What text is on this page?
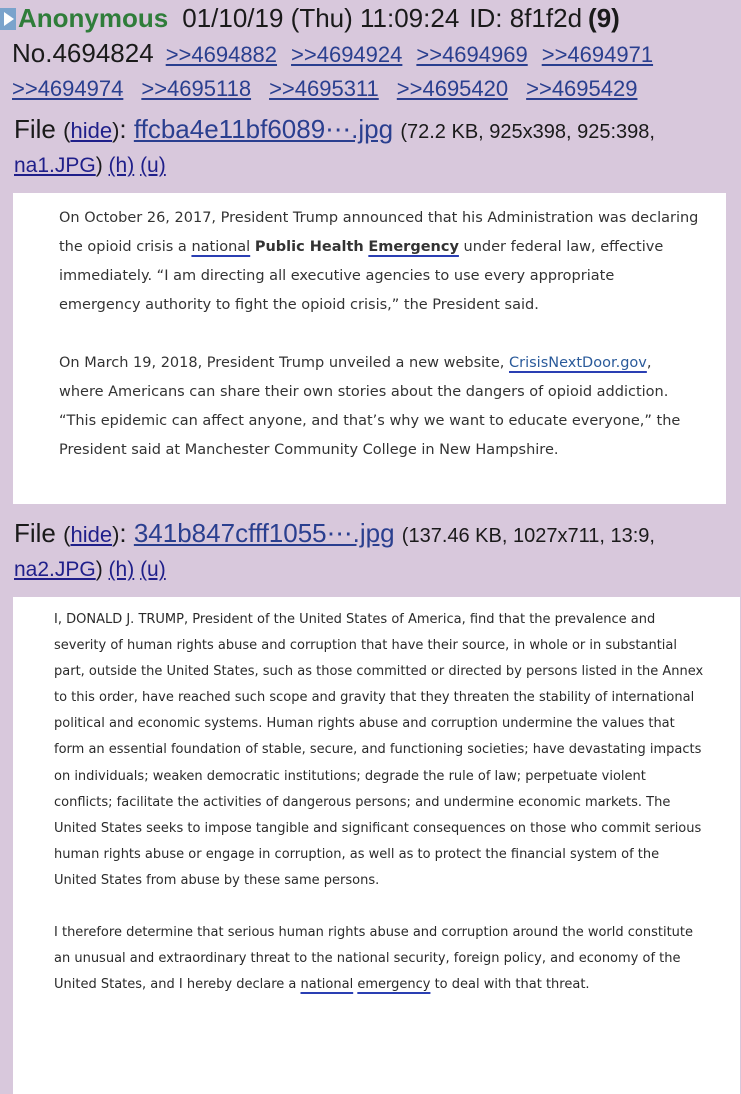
Anonymous 01/10/19 (Thu) 11:09:24 ID: 8f1f2d (9)
No.4694824 >>4694882 >>4694924 >>4694969 >>4694971
>>4694974 >>4695118 >>4695311 >>4695420 >>4695429
File (hide): ffcba4e11bf6089⋯.jpg (72.2 KB, 925x398, 925:398,
na1.JPG) (h) (u)
On October 26, 2017, President Trump announced that his Administration was declaring the opioid crisis a national Public Health Emergency under federal law, effective immediately. “I am directing all executive agencies to use every appropriate emergency authority to fight the opioid crisis,” the President said.
On March 19, 2018, President Trump unveiled a new website, CrisisNextDoor.gov, where Americans can share their own stories about the dangers of opioid addiction. “This epidemic can affect anyone, and that’s why we want to educate everyone,” the President said at Manchester Community College in New Hampshire.
File (hide): 341b847cfff1055⋯.jpg (137.46 KB, 1027x711, 13:9,
na2.JPG) (h) (u)
I, DONALD J. TRUMP, President of the United States of America, find that the prevalence and severity of human rights abuse and corruption that have their source, in whole or in substantial part, outside the United States, such as those committed or directed by persons listed in the Annex to this order, have reached such scope and gravity that they threaten the stability of international political and economic systems. Human rights abuse and corruption undermine the values that form an essential foundation of stable, secure, and functioning societies; have devastating impacts on individuals; weaken democratic institutions; degrade the rule of law; perpetuate violent conflicts; facilitate the activities of dangerous persons; and undermine economic markets. The United States seeks to impose tangible and significant consequences on those who commit serious human rights abuse or engage in corruption, as well as to protect the financial system of the United States from abuse by these same persons.
I therefore determine that serious human rights abuse and corruption around the world constitute an unusual and extraordinary threat to the national security, foreign policy, and economy of the United States, and I hereby declare a national emergency to deal with that threat.
